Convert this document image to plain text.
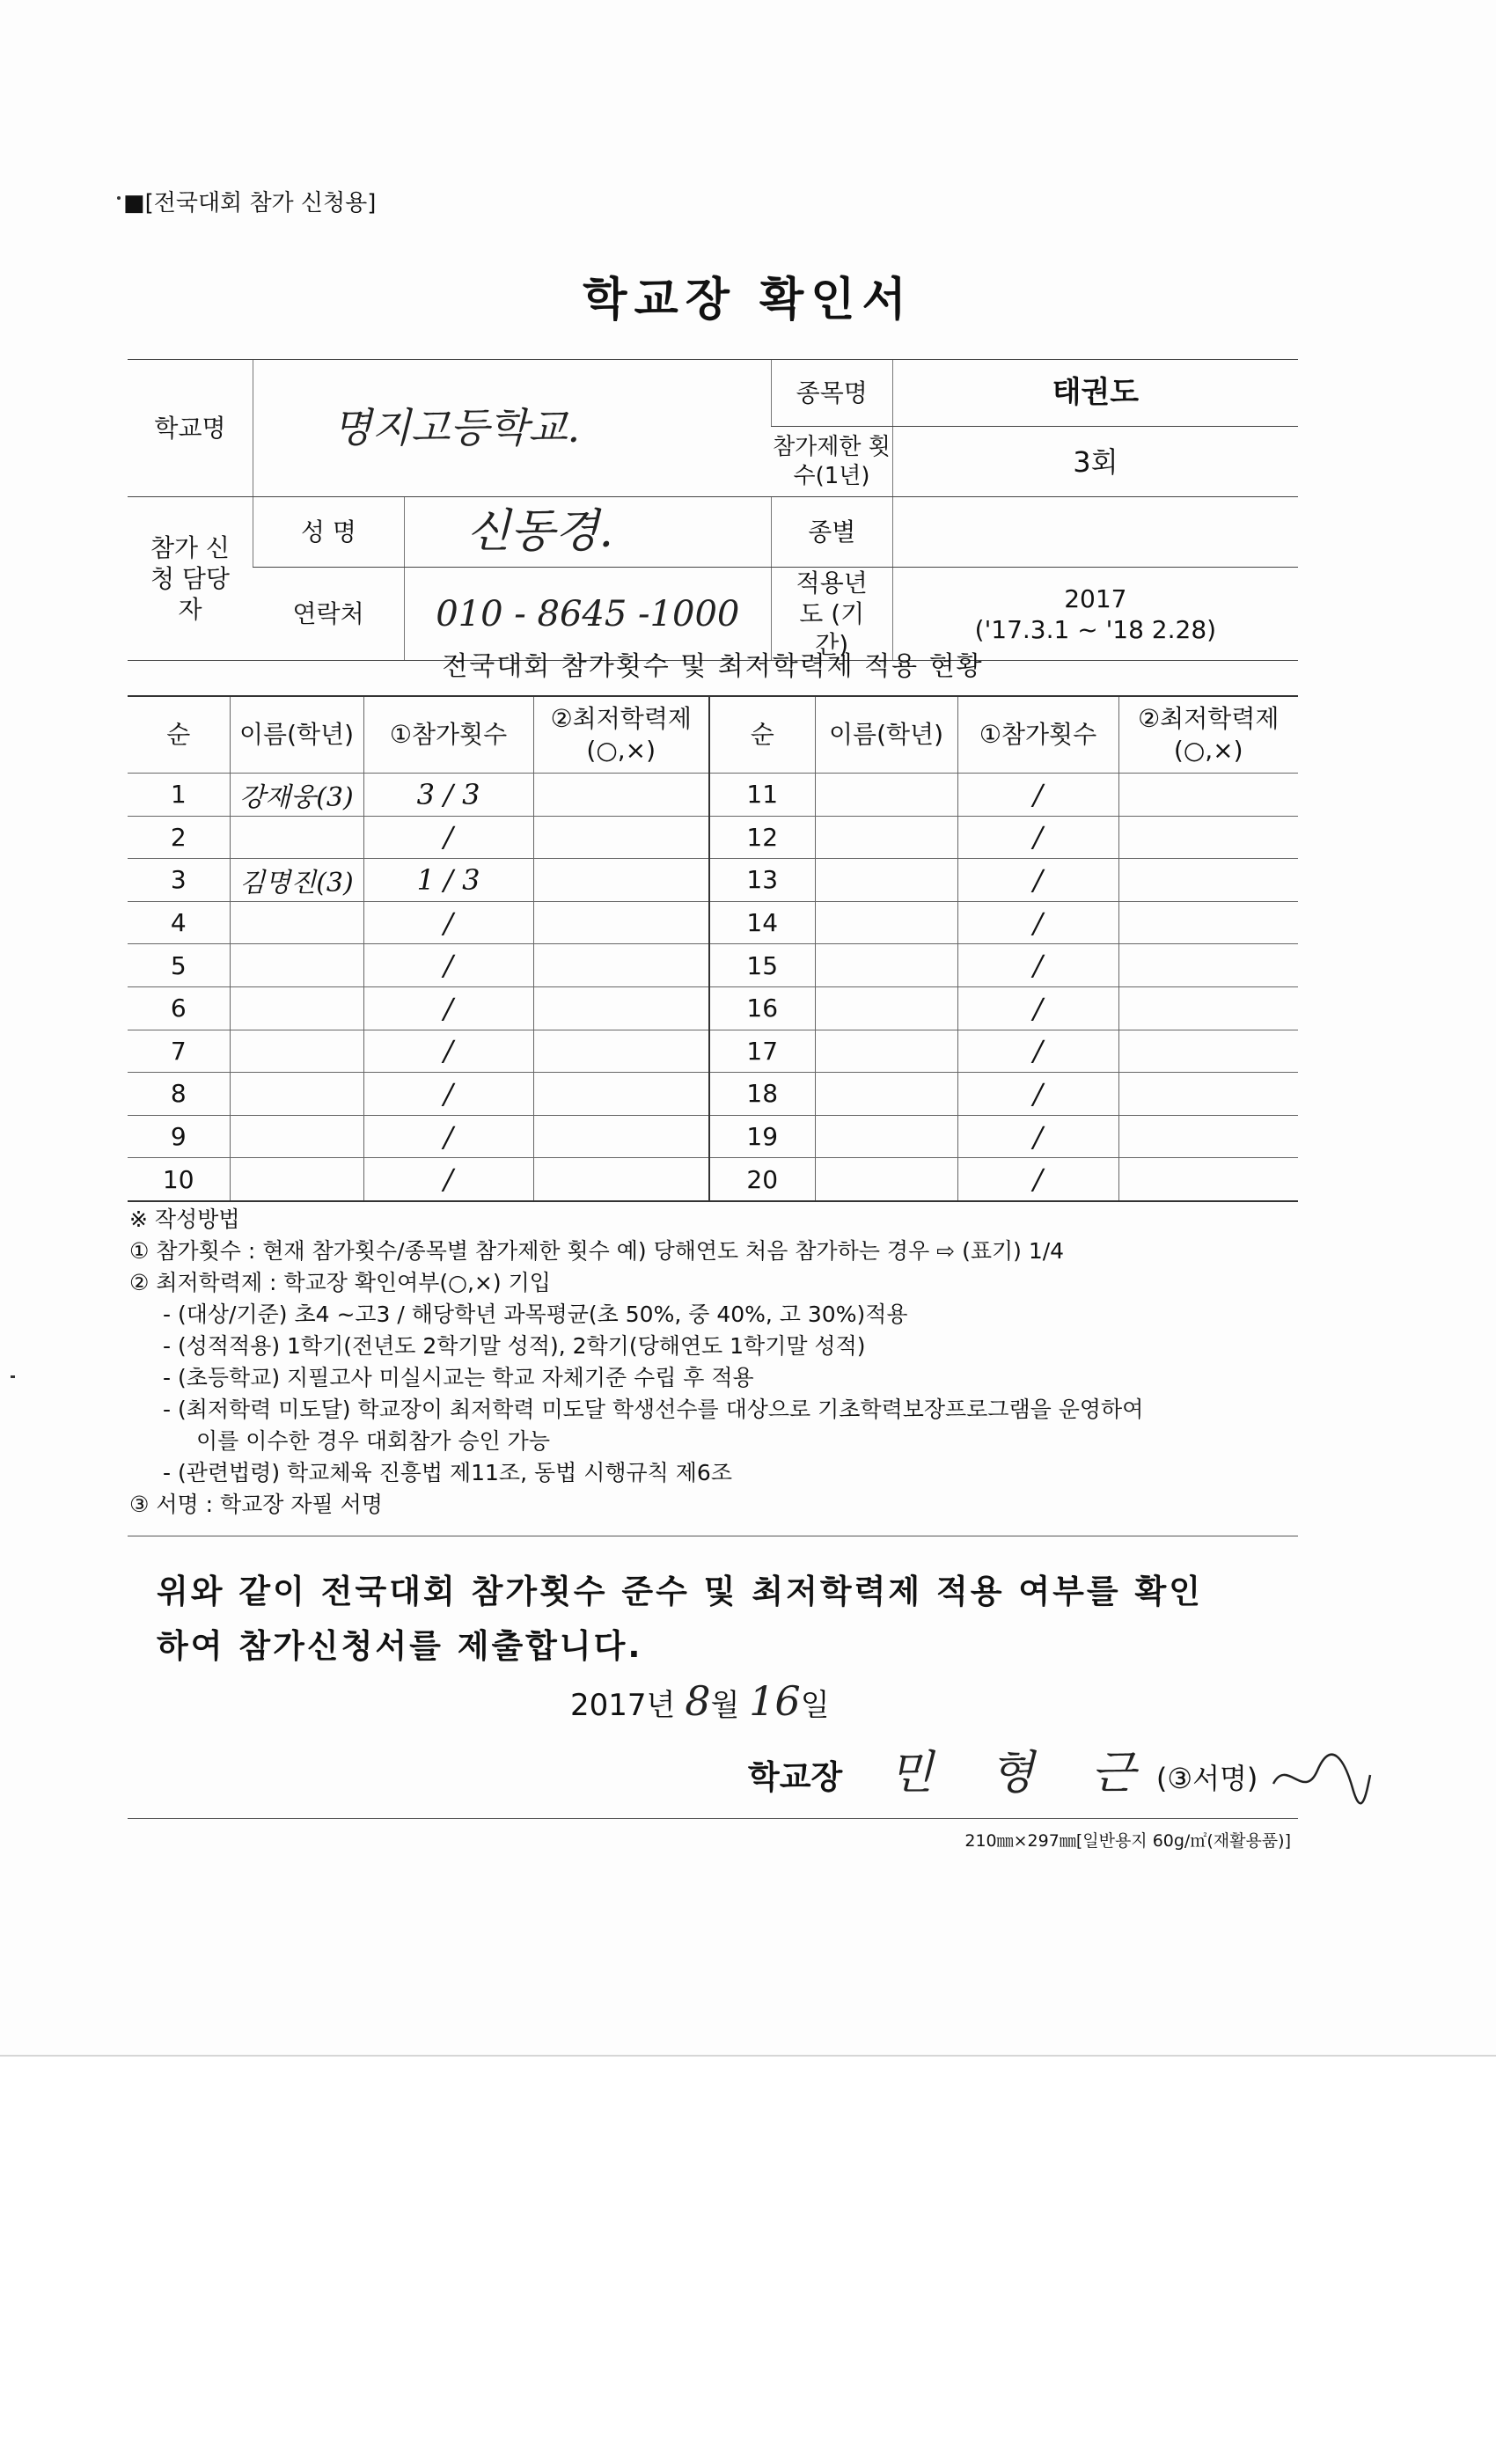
■[전국대회 참가 신청용]
학교장 확인서
학교명	명지고등학교.		종목명	태권도
			참가제한 횟수(1년)	3회
참가 신청 담당자	성 명	신동경.	종별	
	연락처	010 - 8645 -1000	적용년도 (기간)	2017
('17.3.1 ~ '18 2.28)
전국대회 참가횟수 및 최저학력제 적용 현황
순	이름(학년)	①참가횟수	②최저학력제 (○,×)	순	이름(학년)	①참가횟수	②최저학력제 (○,×)
1	강재웅(3)	3 / 3		11		/	
2		/		12		/	
3	김명진(3)	1 / 3		13		/	
4		/		14		/	
5		/		15		/	
6		/		16		/	
7		/		17		/	
8		/		18		/	
9		/		19		/	
10		/		20		/	
※ 작성방법
① 참가횟수 : 현재 참가횟수/종목별 참가제한 횟수 예) 당해연도 처음 참가하는 경우 ⇨ (표기) 1/4
② 최저학력제 : 학교장 확인여부(○,×) 기입
- (대상/기준) 초4 ~고3 / 해당학년 과목평균(초 50%, 중 40%, 고 30%)적용
- (성적적용) 1학기(전년도 2학기말 성적), 2학기(당해연도 1학기말 성적)
- (초등학교) 지필고사 미실시교는 학교 자체기준 수립 후 적용
- (최저학력 미도달) 학교장이 최저학력 미도달 학생선수를 대상으로 기초학력보장프로그램을 운영하여
이를 이수한 경우 대회참가 승인 가능
- (관련법령) 학교체육 진흥법 제11조, 동법 시행규칙 제6조
③ 서명 : 학교장 자필 서명
위와 같이 전국대회 참가횟수 준수 및 최저학력제 적용 여부를 확인
하여 참가신청서를 제출합니다.
2017년 8월 16일
학교장 민 형 근(③서명)
210㎜×297㎜[일반용지 60g/㎡(재활용품)]
